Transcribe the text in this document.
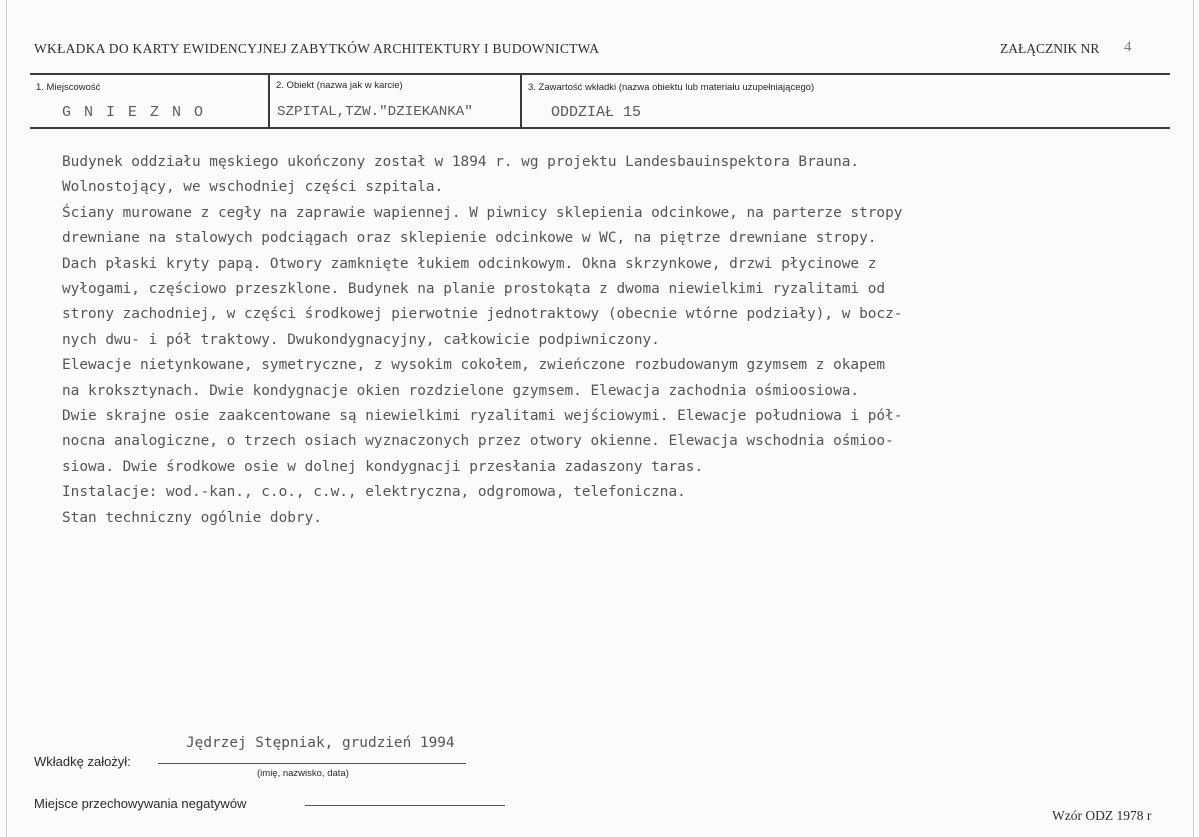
WKŁADKA DO KARTY EWIDENCYJNEJ ZABYTKÓW ARCHITEKTURY I BUDOWNICTWA	ZAŁĄCZNIK NR 4
1. Miejscowość
G N I E Z N O
2. Obiekt (nazwa jak w karcie)
SZPITAL,TZW."DZIEKANKA"
3. Zawartość wkładki (nazwa obiektu lub materiału uzupełniającego)
ODDZIAŁ 15
Budynek oddziału męskiego ukończony został w 1894 r. wg projektu Landesbauinspektora Brauna.
Wolnostojący, we wschodniej części szpitala.
Ściany murowane z cegły na zaprawie wapiennej. W piwnicy sklepienia odcinkowe, na parterze stropy
drewniane na stalowych podciągach oraz sklepienie odcinkowe w WC, na piętrze drewniane stropy.
Dach płaski kryty papą. Otwory zamknięte łukiem odcinkowym. Okna skrzynkowe, drzwi płycinowe z
wyłogami, częściowo przeszklone. Budynek na planie prostokąta z dwoma niewielkimi ryzalitami od
strony zachodniej, w części środkowej pierwotnie jednotraktowy (obecnie wtórne podziały), w bocz-
nych dwu- i pół traktowy. Dwukondygnacyjny, całkowicie podpiwniczony.
Elewacje nietynkowane, symetryczne, z wysokim cokołem, zwieńczone rozbudowanym gzymsem z okapem
na kroksztynach. Dwie kondygnacje okien rozdzielone gzymsem. Elewacja zachodnia ośmioosiowa.
Dwie skrajne osie zaakcentowane są niewielkimi ryzalitami wejściowymi. Elewacje południowa i pół-
nocna analogiczne, o trzech osiach wyznaczonych przez otwory okienne. Elewacja wschodnia ośmioo-
siowa. Dwie środkowe osie w dolnej kondygnacji przesłania zadaszony taras.
Instalacje: wod.-kan., c.o., c.w., elektryczna, odgromowa, telefoniczna.
Stan techniczny ogólnie dobry.
Jędrzej Stępniak, grudzień 1994
Wkładkę założył:
(imię, nazwisko, data)
Miejsce przechowywania negatywów
Wzór ODZ 1978 r
